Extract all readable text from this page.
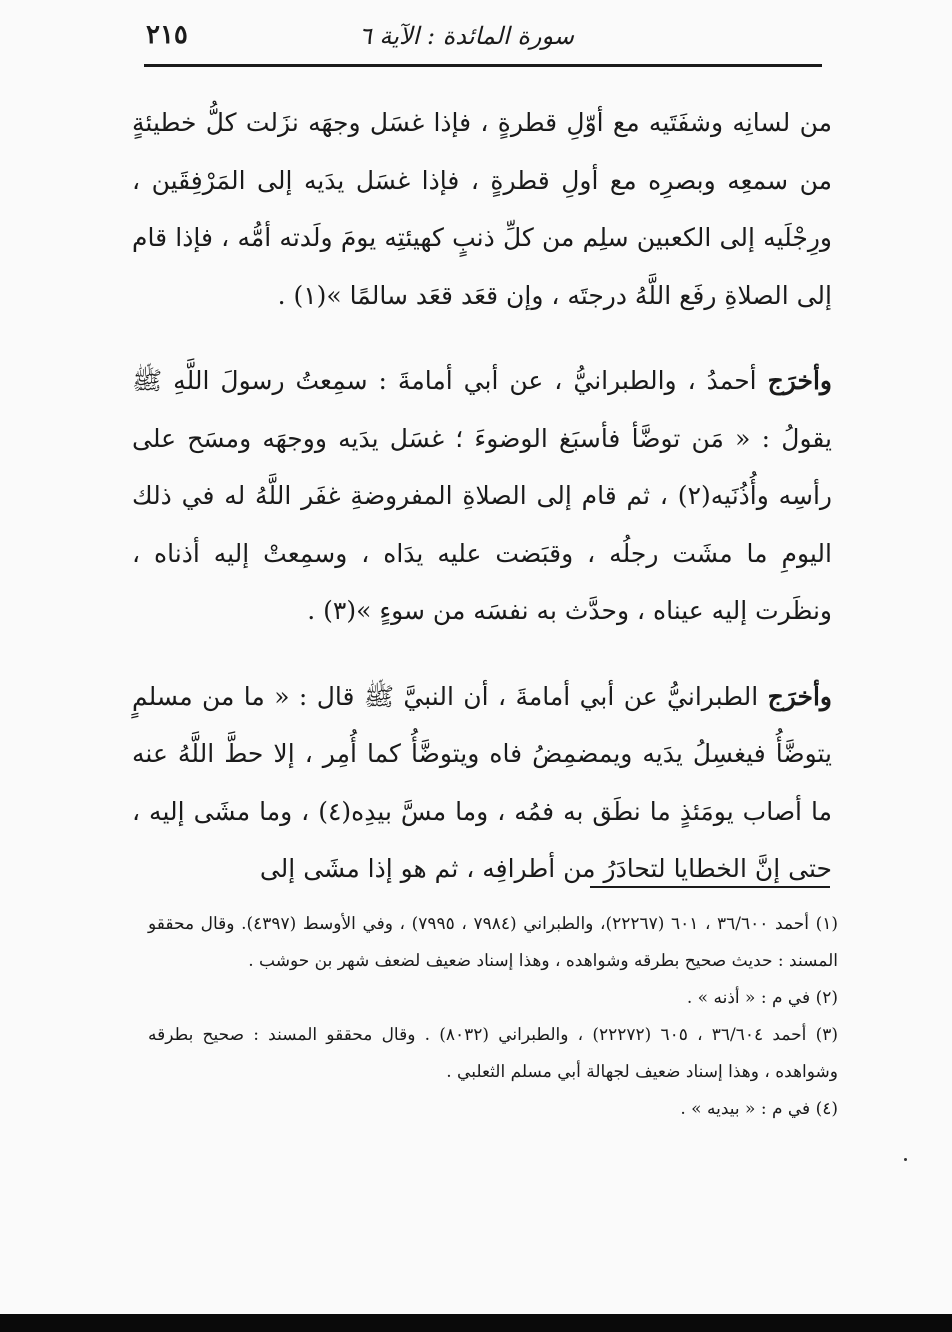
سورة المائدة : الآية ٦
٢١٥

من لسانِه وشفَتَيه مع أوّلِ قطرةٍ ، فإذا غسَل وجهَه نزَلت كلُّ خطيئةٍ من سمعِه وبصرِه مع أولِ قطرةٍ ، فإذا غسَل يدَيه إلى المَرْفِقَين ، ورِجْلَيه إلى الكعبين سلِم من كلِّ ذنبٍ كهيئتِه يومَ ولَدته أمُّه ، فإذا قام إلى الصلاةِ رفَع اللَّهُ درجتَه ، وإن قعَد قعَد سالمًا »(١) .

وأخرَج أحمدُ ، والطبرانيُّ ، عن أبي أمامةَ : سمِعتُ رسولَ اللَّهِ ﷺ يقولُ : « مَن توضَّأ فأسبَغ الوضوءَ ؛ غسَل يدَيه ووجهَه ومسَح على رأسِه وأُذُنَيه(٢) ، ثم قام إلى الصلاةِ المفروضةِ غفَر اللَّهُ له في ذلك اليومِ ما مشَت رجلُه ، وقبَضت عليه يدَاه ، وسمِعتْ إليه أذناه ، ونظَرت إليه عيناه ، وحدَّث به نفسَه من سوءٍ »(٣) .

وأخرَج الطبرانيُّ عن أبي أمامةَ ، أن النبيَّ ﷺ قال : « ما من مسلمٍ يتوضَّأُ فيغسِلُ يدَيه ويمضمِضُ فاه ويتوضَّأُ كما أُمِر ، إلا حطَّ اللَّهُ عنه ما أصاب يومَئذٍ ما نطَق به فمُه ، وما مسَّ بيدِه(٤) ، وما مشَى إليه ، حتى إنَّ الخطايا لتحادَرُ من أطرافِه ، ثم هو إذا مشَى إلى

(١) أحمد ٣٦/٦٠٠ ، ٦٠١ (٢٢٢٦٧)، والطبراني (٧٩٨٤ ، ٧٩٩٥) ، وفي الأوسط (٤٣٩٧). وقال محققو المسند : حديث صحيح بطرقه وشواهده ، وهذا إسناد ضعيف لضعف شهر بن حوشب .

(٢) في م : « أذنه » .

(٣) أحمد ٣٦/٦٠٤ ، ٦٠٥ (٢٢٢٧٢) ، والطبراني (٨٠٣٢) . وقال محققو المسند : صحيح بطرقه وشواهده ، وهذا إسناد ضعيف لجهالة أبي مسلم الثعلبي .

(٤) في م : « بيديه » .
